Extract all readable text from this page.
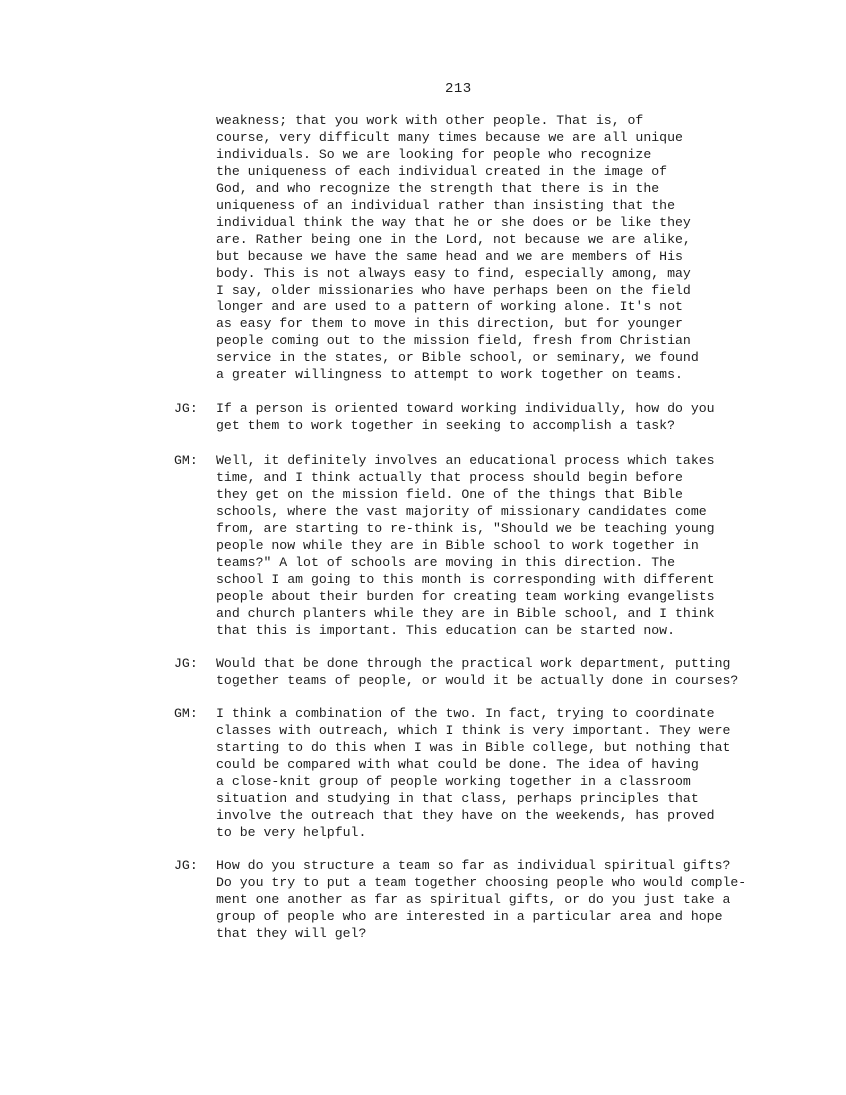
213
weakness; that you work with other people. That is, of
course, very difficult many times because we are all unique
individuals. So we are looking for people who recognize
the uniqueness of each individual created in the image of
God, and who recognize the strength that there is in the
uniqueness of an individual rather than insisting that the
individual think the way that he or she does or be like they
are. Rather being one in the Lord, not because we are alike,
but because we have the same head and we are members of His
body. This is not always easy to find, especially among, may
I say, older missionaries who have perhaps been on the field
longer and are used to a pattern of working alone. It's not
as easy for them to move in this direction, but for younger
people coming out to the mission field, fresh from Christian
service in the states, or Bible school, or seminary, we found
a greater willingness to attempt to work together on teams.
JG: If a person is oriented toward working individually, how do you
get them to work together in seeking to accomplish a task?
GM: Well, it definitely involves an educational process which takes
time, and I think actually that process should begin before
they get on the mission field. One of the things that Bible
schools, where the vast majority of missionary candidates come
from, are starting to re-think is, "Should we be teaching young
people now while they are in Bible school to work together in
teams?" A lot of schools are moving in this direction. The
school I am going to this month is corresponding with different
people about their burden for creating team working evangelists
and church planters while they are in Bible school, and I think
that this is important. This education can be started now.
JG: Would that be done through the practical work department, putting
together teams of people, or would it be actually done in courses?
GM: I think a combination of the two. In fact, trying to coordinate
classes with outreach, which I think is very important. They were
starting to do this when I was in Bible college, but nothing that
could be compared with what could be done. The idea of having
a close-knit group of people working together in a classroom
situation and studying in that class, perhaps principles that
involve the outreach that they have on the weekends, has proved
to be very helpful.
JG: How do you structure a team so far as individual spiritual gifts?
Do you try to put a team together choosing people who would comple-
ment one another as far as spiritual gifts, or do you just take a
group of people who are interested in a particular area and hope
that they will gel?
